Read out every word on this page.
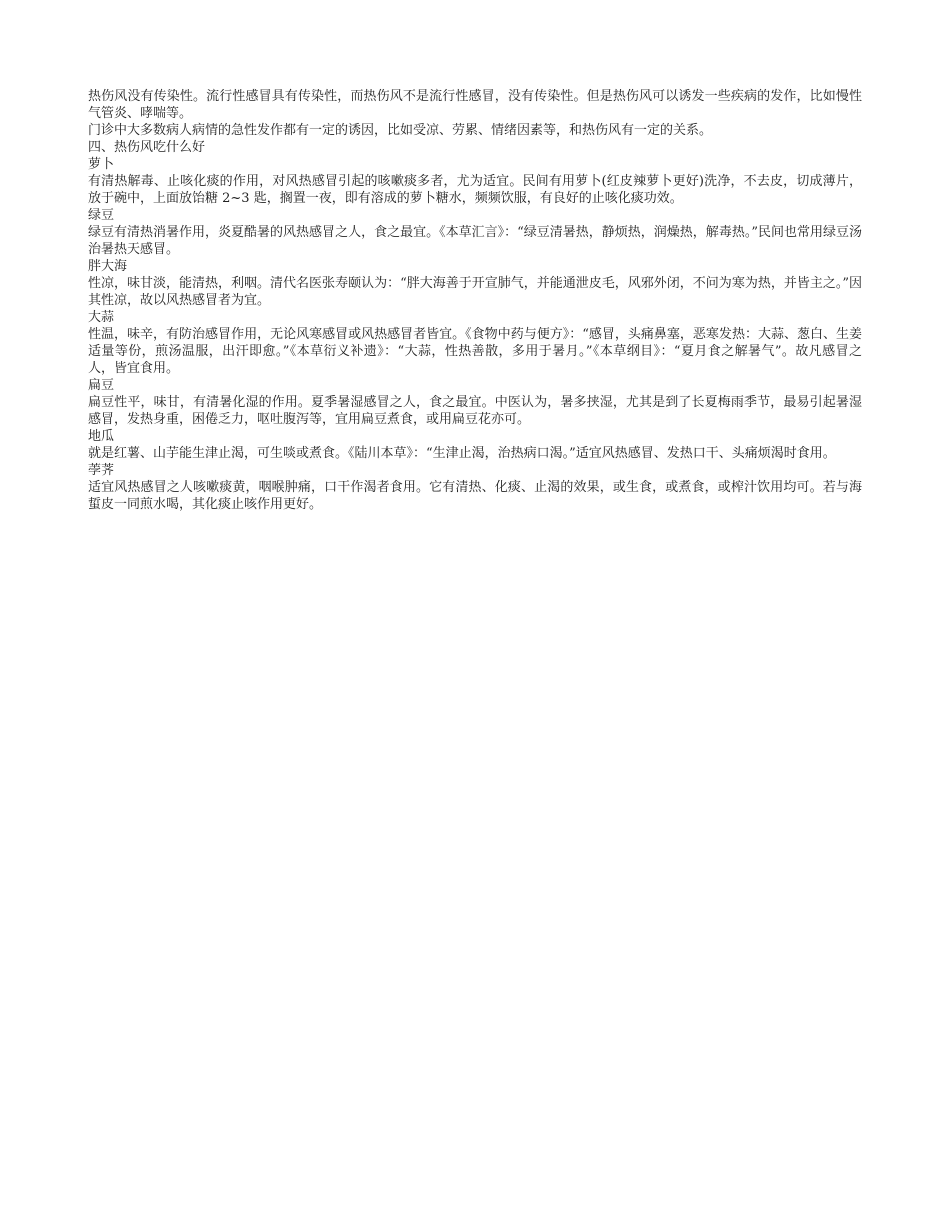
热伤风没有传染性。流行性感冒具有传染性，而热伤风不是流行性感冒，没有传染性。但是热伤风可以诱发一些疾病的发作，比如慢性气管炎、哮喘等。

门诊中大多数病人病情的急性发作都有一定的诱因，比如受凉、劳累、情绪因素等，和热伤风有一定的关系。

四、热伤风吃什么好

萝卜

有清热解毒、止咳化痰的作用，对风热感冒引起的咳嗽痰多者，尤为适宜。民间有用萝卜(红皮辣萝卜更好)洗净，不去皮，切成薄片，放于碗中，上面放饴糖 2~3 匙，搁置一夜，即有溶成的萝卜糖水，频频饮服，有良好的止咳化痰功效。

绿豆

绿豆有清热消暑作用，炎夏酷暑的风热感冒之人，食之最宜。《本草汇言》：“绿豆清暑热，静烦热，润燥热，解毒热。”民间也常用绿豆汤治暑热天感冒。

胖大海

性凉，味甘淡，能清热，利咽。清代名医张寿颐认为：“胖大海善于开宣肺气，并能通泄皮毛，风邪外闭，不问为寒为热，并皆主之。”因其性凉，故以风热感冒者为宜。

大蒜

性温，味辛，有防治感冒作用，无论风寒感冒或风热感冒者皆宜。《食物中药与便方》：“感冒，头痛鼻塞，恶寒发热：大蒜、葱白、生姜适量等份，煎汤温服，出汗即愈。”《本草衍义补遗》：“大蒜，性热善散，多用于暑月。”《本草纲目》：“夏月食之解暑气”。故凡感冒之人，皆宜食用。

扁豆

扁豆性平，味甘，有清暑化湿的作用。夏季暑湿感冒之人，食之最宜。中医认为，暑多挟湿，尤其是到了长夏梅雨季节，最易引起暑湿感冒，发热身重，困倦乏力，呕吐腹泻等，宜用扁豆煮食，或用扁豆花亦可。

地瓜

就是红薯、山芋能生津止渴，可生啖或煮食。《陆川本草》：“生津止渴，治热病口渴。”适宜风热感冒、发热口干、头痛烦渴时食用。

荸荠

适宜风热感冒之人咳嗽痰黄，咽喉肿痛，口干作渴者食用。它有清热、化痰、止渴的效果，或生食，或煮食，或榨汁饮用均可。若与海蜇皮一同煎水喝，其化痰止咳作用更好。
